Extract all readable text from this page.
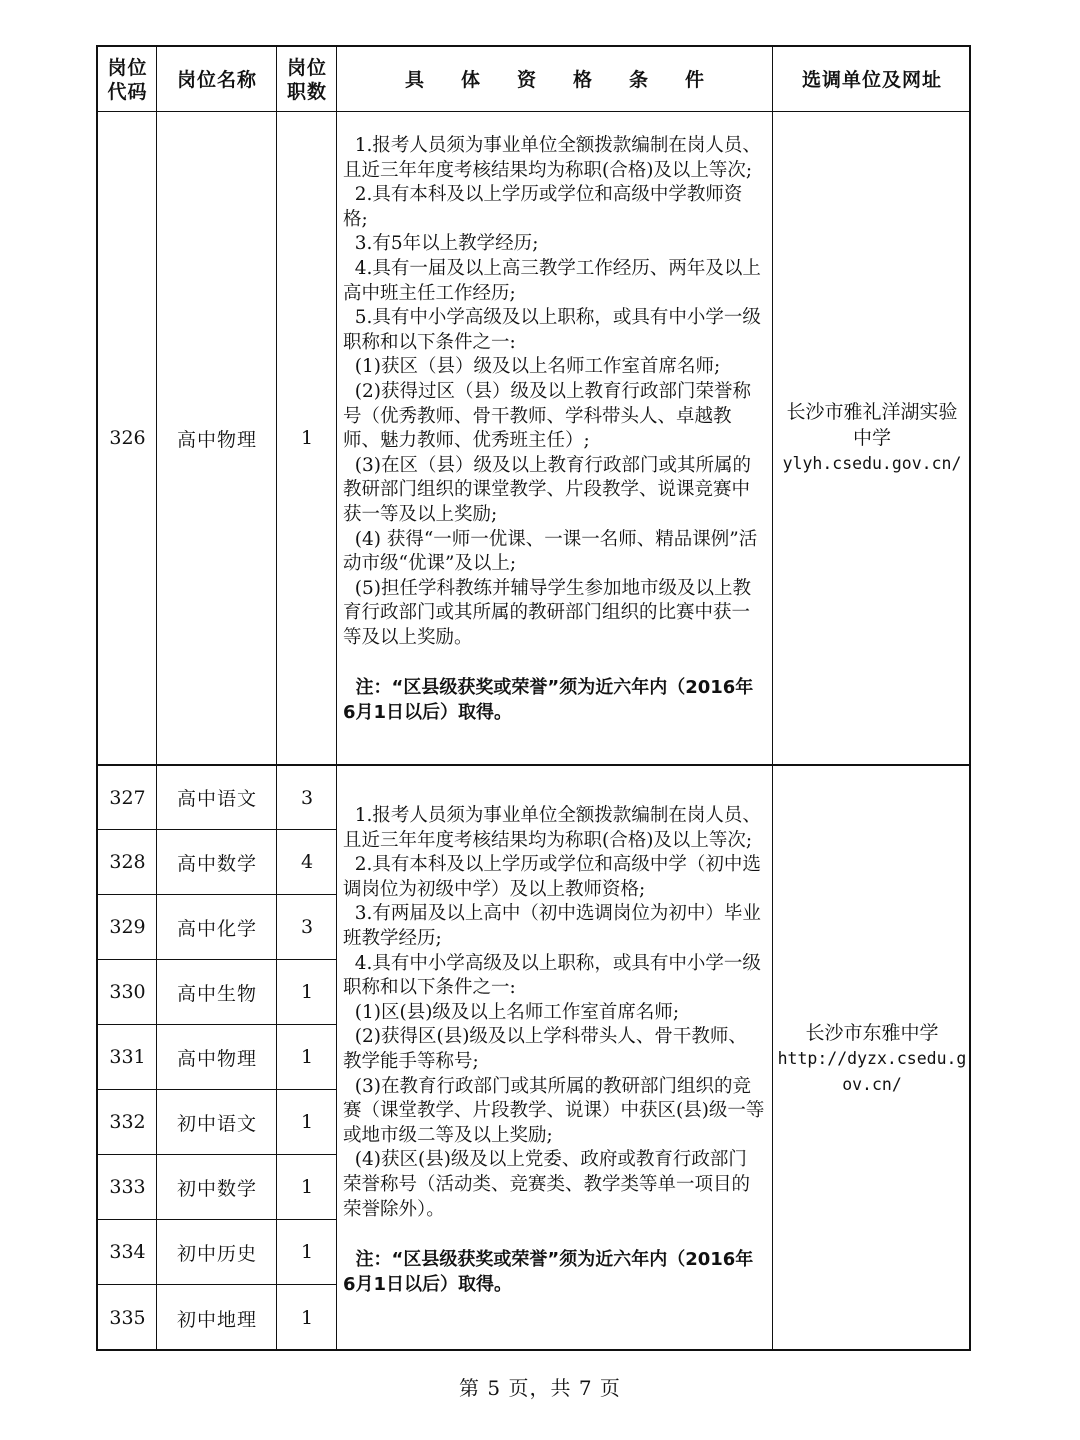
岗位代码
岗位名称
岗位职数
具 体 资 格 条 件	选调单位及网址
326 高中物理 1

1.报考人员须为事业单位全额拨款编制在岗人员、且近三年年度考核结果均为称职(合格)及以上等次;

2.具有本科及以上学历或学位和高级中学教师资格;

3.有5年以上教学经历;

4.具有一届及以上高三教学工作经历、两年及以上高中班主任工作经历;

5.具有中小学高级及以上职称，或具有中小学一级职称和以下条件之一:

(1)获区（县）级及以上名师工作室首席名师;

(2)获得过区（县）级及以上教育行政部门荣誉称号（优秀教师、骨干教师、学科带头人、卓越教师、魅力教师、优秀班主任）;

(3)在区（县）级及以上教育行政部门或其所属的教研部门组织的课堂教学、片段教学、说课竞赛中获一等及以上奖励;

(4) 获得“一师一优课、一课一名师、精品课例”活动市级“优课”及以上;

(5)担任学科教练并辅导学生参加地市级及以上教育行政部门或其所属的教研部门组织的比赛中获一等及以上奖励。

注：“区县级获奖或荣誉”须为近六年内（2016年6月1日以后）取得。

长沙市雅礼洋湖实验中学
ylyh.csedu.gov.cn/
327 高中语文 3
328 高中数学 4
329 高中化学 3
330 高中生物 1
331 高中物理 1
332 初中语文 1
333 初中数学 1
334 初中历史 1
335 初中地理 1

1.报考人员须为事业单位全额拨款编制在岗人员、且近三年年度考核结果均为称职(合格)及以上等次;

2.具有本科及以上学历或学位和高级中学（初中选调岗位为初级中学）及以上教师资格;

3.有两届及以上高中（初中选调岗位为初中）毕业班教学经历;

4.具有中小学高级及以上职称，或具有中小学一级职称和以下条件之一:

(1)区(县)级及以上名师工作室首席名师;

(2)获得区(县)级及以上学科带头人、骨干教师、教学能手等称号;

(3)在教育行政部门或其所属的教研部门组织的竞赛（课堂教学、片段教学、说课）中获区(县)级一等或地市级二等及以上奖励;

(4)获区(县)级及以上党委、政府或教育行政部门荣誉称号（活动类、竞赛类、教学类等单一项目的荣誉除外）。

注：“区县级获奖或荣誉”须为近六年内（2016年6月1日以后）取得。

长沙市东雅中学
http://dyzx.csedu.gov.cn/
第 5 页，共 7 页
